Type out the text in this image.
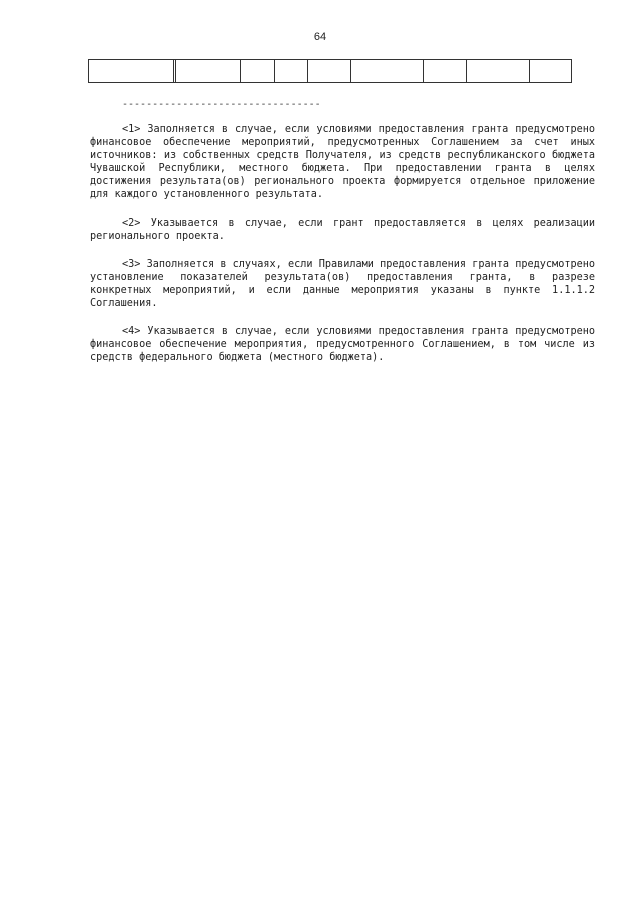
64
---------------------------------

<1> Заполняется в случае, если условиями предоставления гранта предусмотрено финансовое обеспечение мероприятий, предусмотренных Соглашением за счет иных источников: из собственных средств Получателя, из средств республиканского бюджета Чувашской Республики, местного бюджета. При предоставлении гранта в целях достижения результата(ов) регионального проекта формируется отдельное приложение для каждого установленного результата.

<2> Указывается в случае, если грант предоставляется в целях реализации регионального проекта.

<3> Заполняется в случаях, если Правилами предоставления гранта предусмотрено установление показателей результата(ов) предоставления гранта, в разрезе конкретных мероприятий, и если данные мероприятия указаны в пункте 1.1.1.2 Соглашения.

<4> Указывается в случае, если условиями предоставления гранта предусмотрено финансовое обеспечение мероприятия, предусмотренного Соглашением, в том числе из средств федерального бюджета (местного бюджета).
